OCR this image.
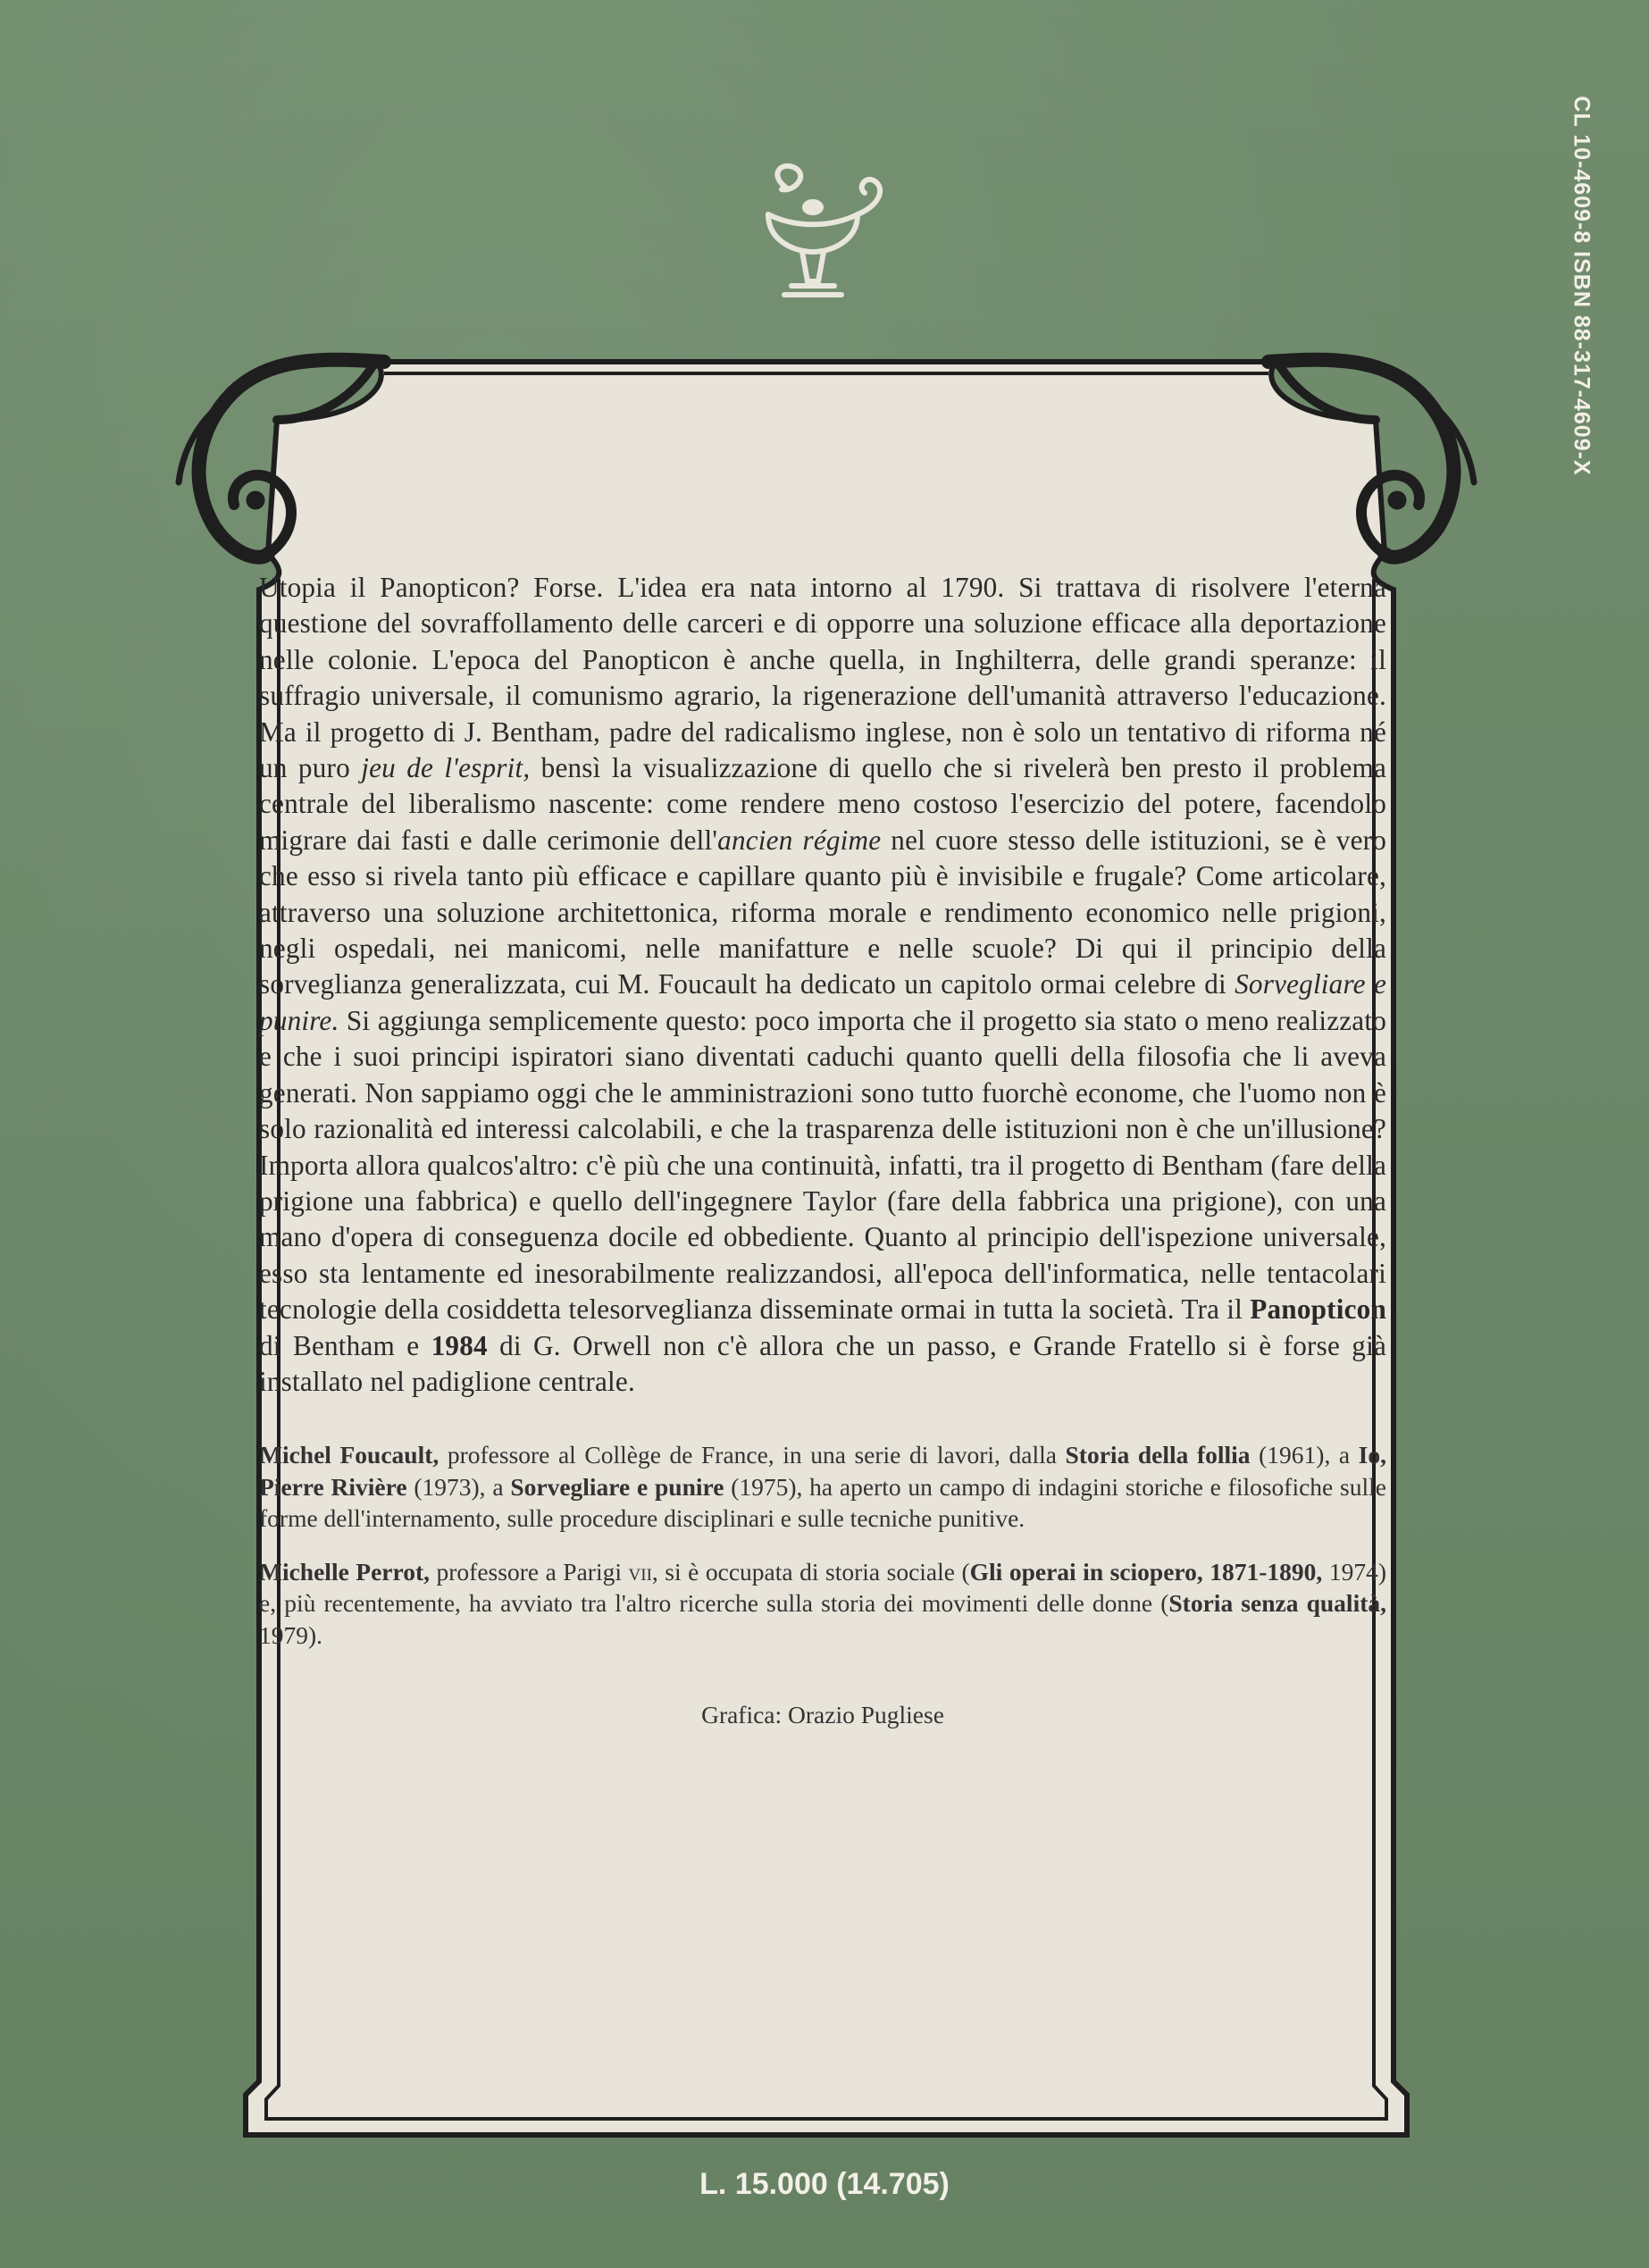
CL 10-4609-8 ISBN 88-317-4609-X

Utopia il Panopticon? Forse. L'idea era nata intorno al 1790. Si trattava di risolvere l'eterna questione del sovraffollamento delle carceri e di opporre una soluzione efficace alla deportazione nelle colonie. L'epoca del Panopticon è anche quella, in Inghilterra, delle grandi speranze: il suffragio universale, il comunismo agrario, la rigenerazione dell'umanità attraverso l'educazione. Ma il progetto di J. Bentham, padre del radicalismo inglese, non è solo un tentativo di riforma né un puro jeu de l'esprit, bensì la visualizzazione di quello che si rivelerà ben presto il problema centrale del liberalismo nascente: come rendere meno costoso l'esercizio del potere, facendolo migrare dai fasti e dalle cerimonie dell'ancien régime nel cuore stesso delle istituzioni, se è vero che esso si rivela tanto più efficace e capillare quanto più è invisibile e frugale? Come articolare, attraverso una soluzione architettonica, riforma morale e rendimento economico nelle prigioni, negli ospedali, nei manicomi, nelle manifatture e nelle scuole? Di qui il principio della sorveglianza generalizzata, cui M. Foucault ha dedicato un capitolo ormai celebre di Sorvegliare e punire. Si aggiunga semplicemente questo: poco importa che il progetto sia stato o meno realizzato e che i suoi principi ispiratori siano diventati caduchi quanto quelli della filosofia che li aveva generati. Non sappiamo oggi che le amministrazioni sono tutto fuorchè econome, che l'uomo non è solo razionalità ed interessi calcolabili, e che la trasparenza delle istituzioni non è che un'illusione? Importa allora qualcos'altro: c'è più che una continuità, infatti, tra il progetto di Bentham (fare della prigione una fabbrica) e quello dell'ingegnere Taylor (fare della fabbrica una prigione), con una mano d'opera di conseguenza docile ed obbediente. Quanto al principio dell'ispezione universale, esso sta lentamente ed inesorabilmente realizzandosi, all'epoca dell'informatica, nelle tentacolari tecnologie della cosiddetta telesorveglianza disseminate ormai in tutta la società. Tra il Panopticon di Bentham e 1984 di G. Orwell non c'è allora che un passo, e Grande Fratello si è forse già installato nel padiglione centrale.

Michel Foucault, professore al Collège de France, in una serie di lavori, dalla Storia della follia (1961), a Io, Pierre Rivière (1973), a Sorvegliare e punire (1975), ha aperto un campo di indagini storiche e filosofiche sulle forme dell'internamento, sulle procedure disciplinari e sulle tecniche punitive.

Michelle Perrot, professore a Parigi vii, si è occupata di storia sociale (Gli operai in sciopero, 1871-1890, 1974) e, più recentemente, ha avviato tra l'altro ricerche sulla storia dei movimenti delle donne (Storia senza qualità, 1979).

Grafica: Orazio Pugliese

L. 15.000 (14.705)
